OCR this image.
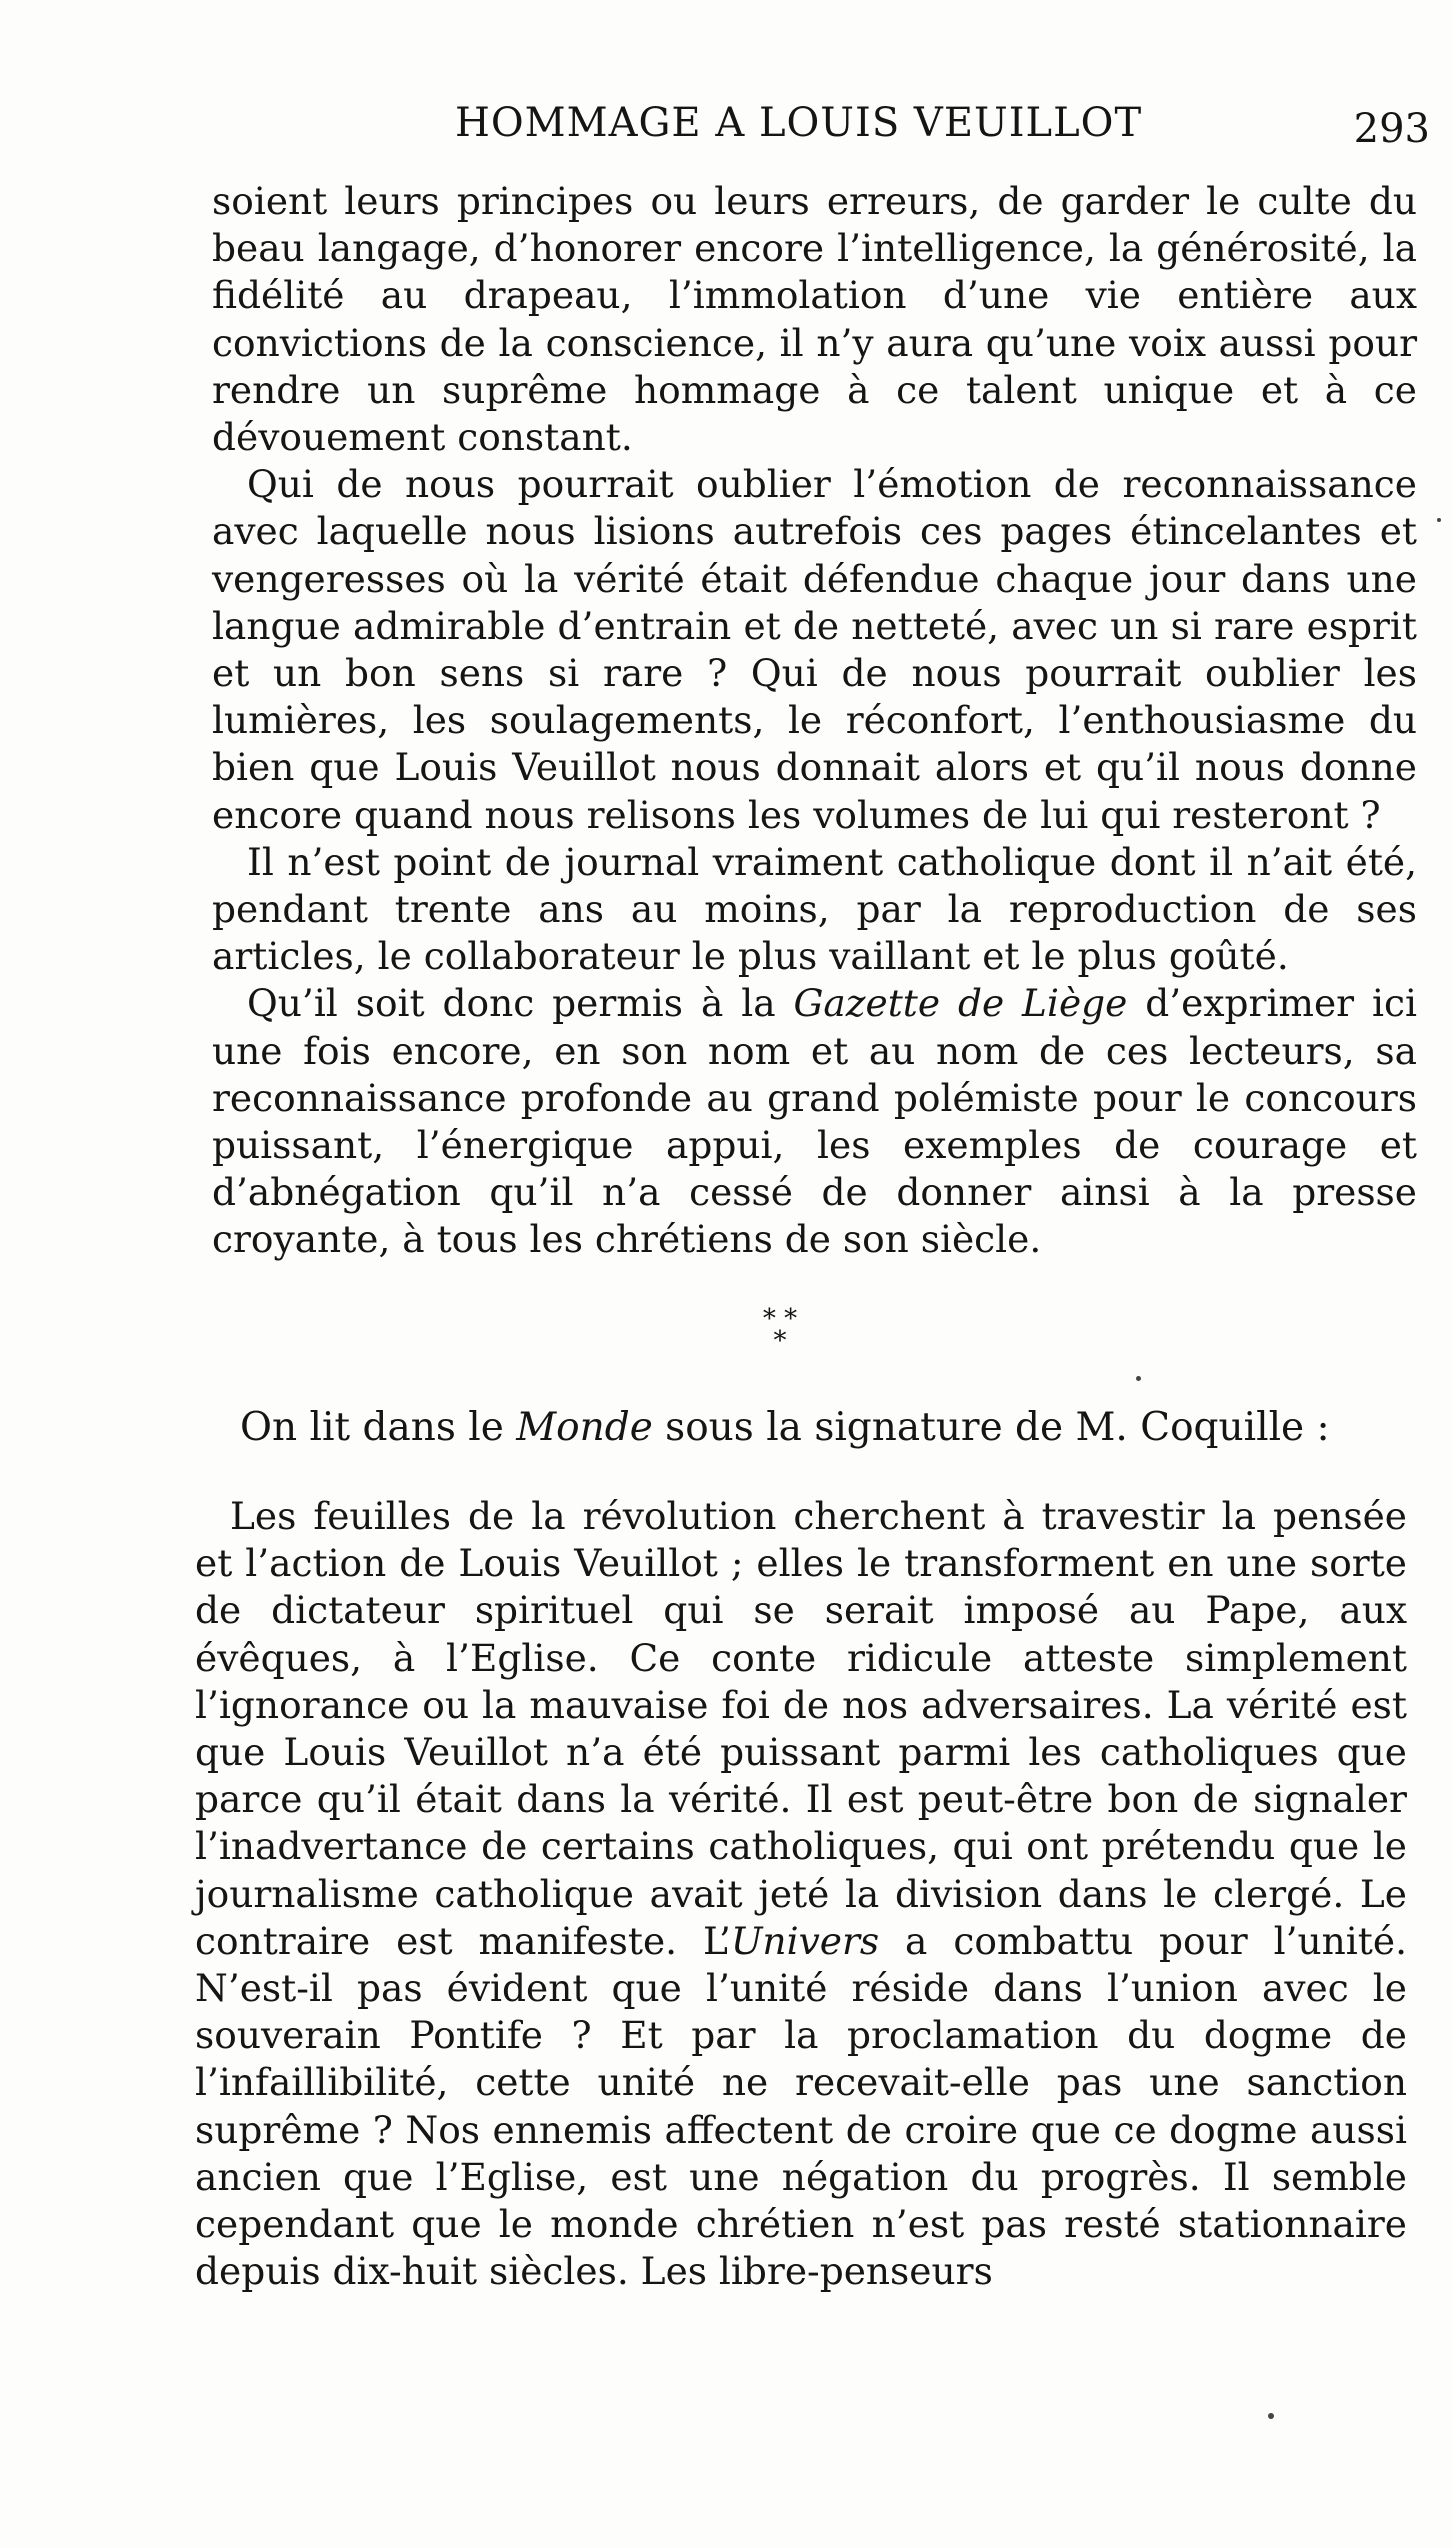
HOMMAGE A LOUIS VEUILLOT	293

soient leurs principes ou leurs erreurs, de garder le culte du beau langage, d’honorer encore l’intelligence, la générosité, la fidélité au drapeau, l’immolation d’une vie entière aux convictions de la conscience, il n’y aura qu’une voix aussi pour rendre un suprême hommage à ce talent unique et à ce dévouement constant.

Qui de nous pourrait oublier l’émotion de reconnaissance avec laquelle nous lisions autrefois ces pages étincelantes et vengeresses où la vérité était défendue chaque jour dans une langue admirable d’entrain et de netteté, avec un si rare esprit et un bon sens si rare ? Qui de nous pourrait oublier les lumières, les soulagements, le réconfort, l’enthousiasme du bien que Louis Veuillot nous donnait alors et qu’il nous donne encore quand nous relisons les volumes de lui qui resteront ?

Il n’est point de journal vraiment catholique dont il n’ait été, pendant trente ans au moins, par la reproduction de ses articles, le collaborateur le plus vaillant et le plus goûté.

Qu’il soit donc permis à la Gazette de Liège d’exprimer ici une fois encore, en son nom et au nom de ces lecteurs, sa reconnaissance profonde au grand polémiste pour le concours puissant, l’énergique appui, les exemples de courage et d’abnégation qu’il n’a cessé de donner ainsi à la presse croyante, à tous les chrétiens de son siècle.

* *
*
On lit dans le Monde sous la signature de M. Coquille :

Les feuilles de la révolution cherchent à travestir la pensée et l’action de Louis Veuillot ; elles le transforment en une sorte de dictateur spirituel qui se serait imposé au Pape, aux évêques, à l’Eglise. Ce conte ridicule atteste simplement l’ignorance ou la mauvaise foi de nos adversaires. La vérité est que Louis Veuillot n’a été puissant parmi les catholiques que parce qu’il était dans la vérité. Il est peut-être bon de signaler l’inadvertance de certains catholiques, qui ont prétendu que le journalisme catholique avait jeté la division dans le clergé. Le contraire est manifeste. L’Univers a combattu pour l’unité. N’est-il pas évident que l’unité réside dans l’union avec le souverain Pontife ? Et par la proclamation du dogme de l’infaillibilité, cette unité ne recevait-elle pas une sanction suprême ? Nos ennemis affectent de croire que ce dogme aussi ancien que l’Eglise, est une négation du progrès. Il semble cependant que le monde chrétien n’est pas resté stationnaire depuis dix-huit siècles. Les libre-penseurs
